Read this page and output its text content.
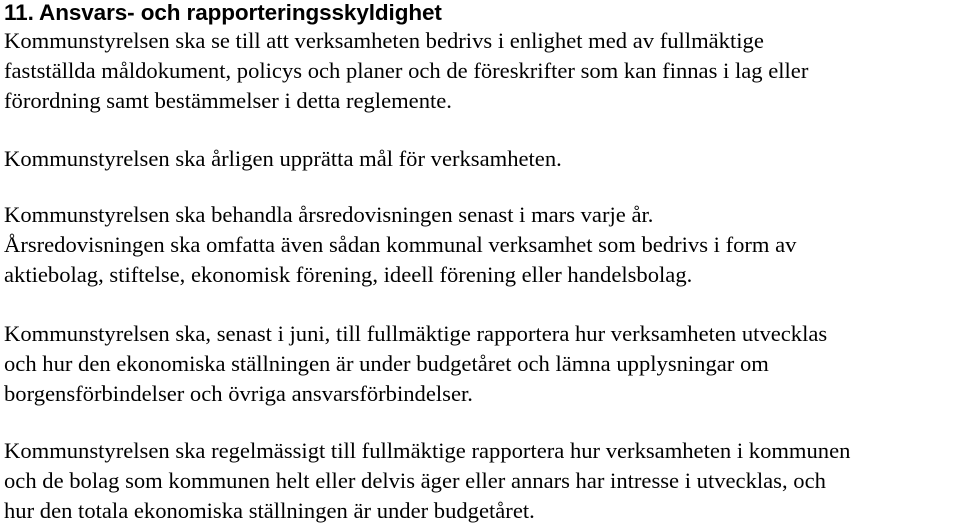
11. Ansvars- och rapporteringsskyldighet

Kommunstyrelsen ska se till att verksamheten bedrivs i enlighet med av fullmäktige
fastställda måldokument, policys och planer och de föreskrifter som kan finnas i lag eller
förordning samt bestämmelser i detta reglemente.

Kommunstyrelsen ska årligen upprätta mål för verksamheten.

Kommunstyrelsen ska behandla årsredovisningen senast i mars varje år.
Årsredovisningen ska omfatta även sådan kommunal verksamhet som bedrivs i form av
aktiebolag, stiftelse, ekonomisk förening, ideell förening eller handelsbolag.

Kommunstyrelsen ska, senast i juni, till fullmäktige rapportera hur verksamheten utvecklas
och hur den ekonomiska ställningen är under budgetåret och lämna upplysningar om
borgensförbindelser och övriga ansvarsförbindelser.

Kommunstyrelsen ska regelmässigt till fullmäktige rapportera hur verksamheten i kommunen
och de bolag som kommunen helt eller delvis äger eller annars har intresse i utvecklas, och
hur den totala ekonomiska ställningen är under budgetåret.
